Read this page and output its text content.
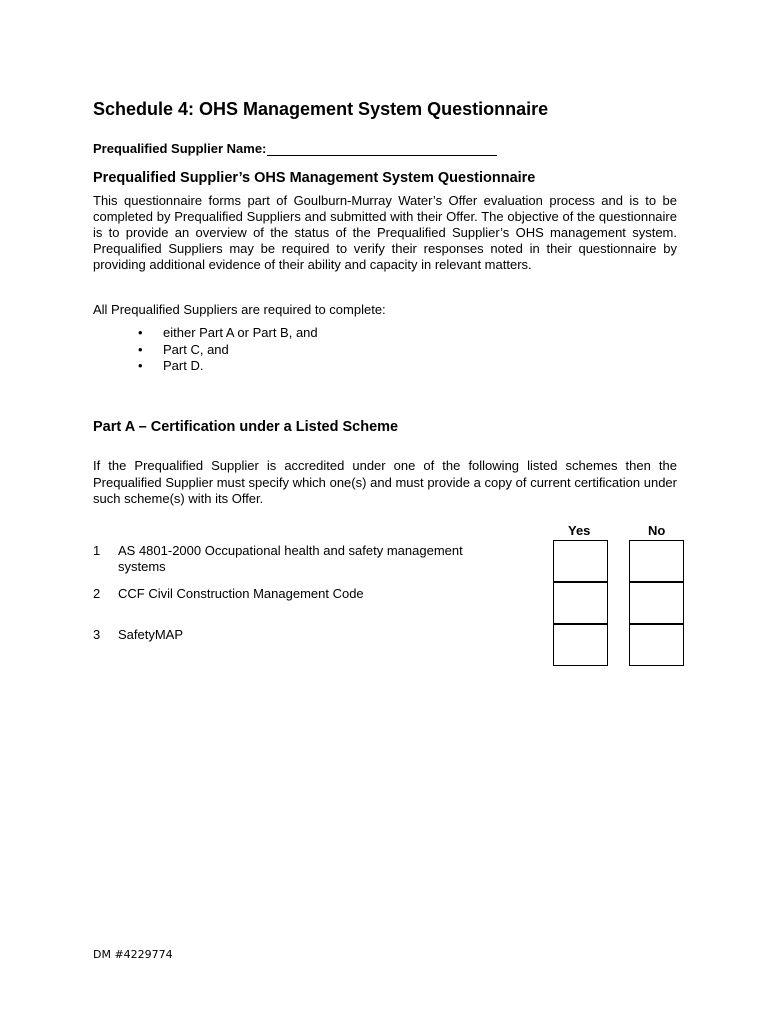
Schedule 4: OHS Management System Questionnaire
Prequalified Supplier Name:
Prequalified Supplier’s OHS Management System Questionnaire

This questionnaire forms part of Goulburn-Murray Water’s Offer evaluation process and is to be completed by Prequalified Suppliers and submitted with their Offer. The objective of the questionnaire is to provide an overview of the status of the Prequalified Supplier’s OHS management system. Prequalified Suppliers may be required to verify their responses noted in their questionnaire by providing additional evidence of their ability and capacity in relevant matters.

All Prequalified Suppliers are required to complete:

• either Part A or Part B, and
• Part C, and
• Part D.
Part A – Certification under a Listed Scheme

If the Prequalified Supplier is accredited under one of the following listed schemes then the Prequalified Supplier must specify which one(s) and must provide a copy of current certification under such scheme(s) with its Offer.

Yes	No
1	AS 4801-2000 Occupational health and safety management systems
2	CCF Civil Construction Management Code
3	SafetyMAP
DM #4229774
